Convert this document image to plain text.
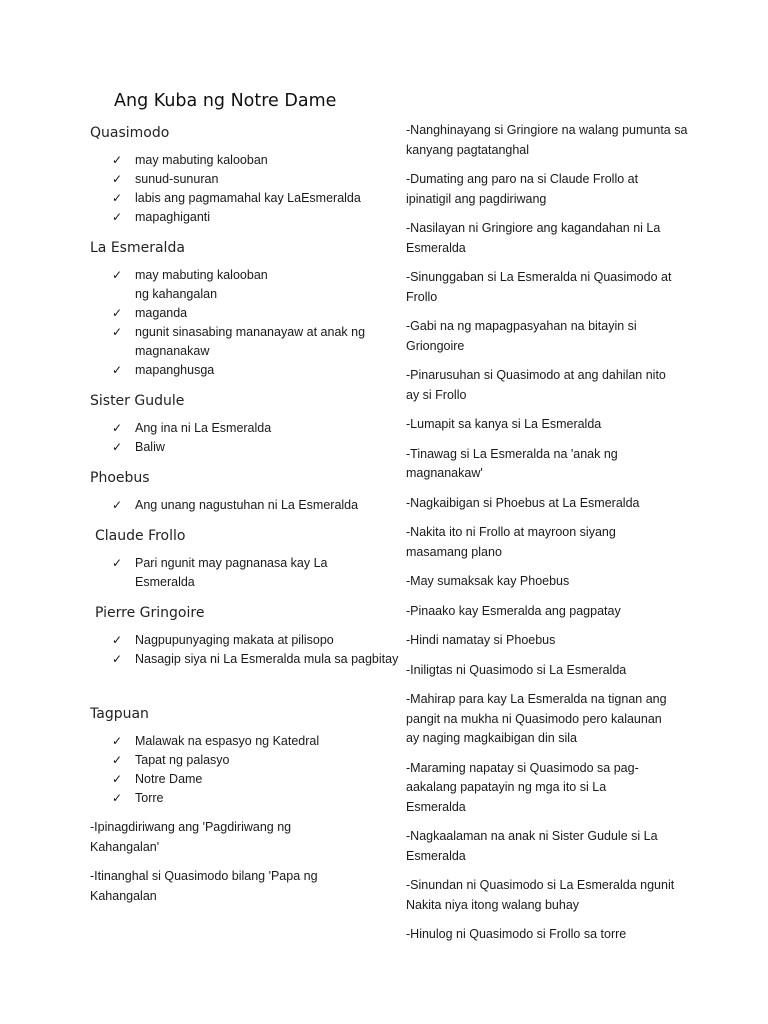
Ang Kuba ng Notre Dame
Quasimodo
✓	may mabuting kalooban
✓	sunud-sunuran
✓	labis ang pagmamahal kay LaEsmeralda
✓	mapaghiganti
La Esmeralda
✓	may mabuting kalooban ng kahangalan
✓	maganda
✓	ngunit sinasabing mananayaw at anak ng magnanakaw
✓	mapanghusga
Sister Gudule
✓	Ang ina ni La Esmeralda
✓	Baliw
Phoebus
✓	Ang unang nagustuhan ni La Esmeralda
Claude Frollo
✓	Pari ngunit may pagnanasa kay La Esmeralda
Pierre Gringoire
✓	Nagpupunyaging makata at pilisopo
✓	Nasagip siya ni La Esmeralda mula sa pagbitay
Tagpuan
✓	Malawak na espasyo ng Katedral
✓	Tapat ng palasyo
✓	Notre Dame
✓	Torre

-Ipinagdiriwang ang 'Pagdiriwang ng Kahangalan'

-Itinanghal si Quasimodo bilang 'Papa ng Kahangalan

-Nanghinayang si Gringiore na walang pumunta sa kanyang pagtatanghal

-Dumating ang paro na si Claude Frollo at ipinatigil ang pagdiriwang

-Nasilayan ni Gringiore ang kagandahan ni La Esmeralda

-Sinunggaban si La Esmeralda ni Quasimodo at Frollo

-Gabi na ng mapagpasyahan na bitayin si Griongoire

-Pinarusuhan si Quasimodo at ang dahilan nito ay si Frollo

-Lumapit sa kanya si La Esmeralda

-Tinawag si La Esmeralda na 'anak ng magnanakaw'

-Nagkaibigan si Phoebus at La Esmeralda

-Nakita ito ni Frollo at mayroon siyang masamang plano

-May sumaksak kay Phoebus

-Pinaako kay Esmeralda ang pagpatay

-Hindi namatay si Phoebus

-Iniligtas ni Quasimodo si La Esmeralda

-Mahirap para kay La Esmeralda na tignan ang pangit na mukha ni Quasimodo pero kalaunan ay naging magkaibigan din sila

-Maraming napatay si Quasimodo sa pag-aakalang papatayin ng mga ito si La Esmeralda

-Nagkaalaman na anak ni Sister Gudule si La Esmeralda

-Sinundan ni Quasimodo si La Esmeralda ngunit Nakita niya itong walang buhay

-Hinulog ni Quasimodo si Frollo sa torre
